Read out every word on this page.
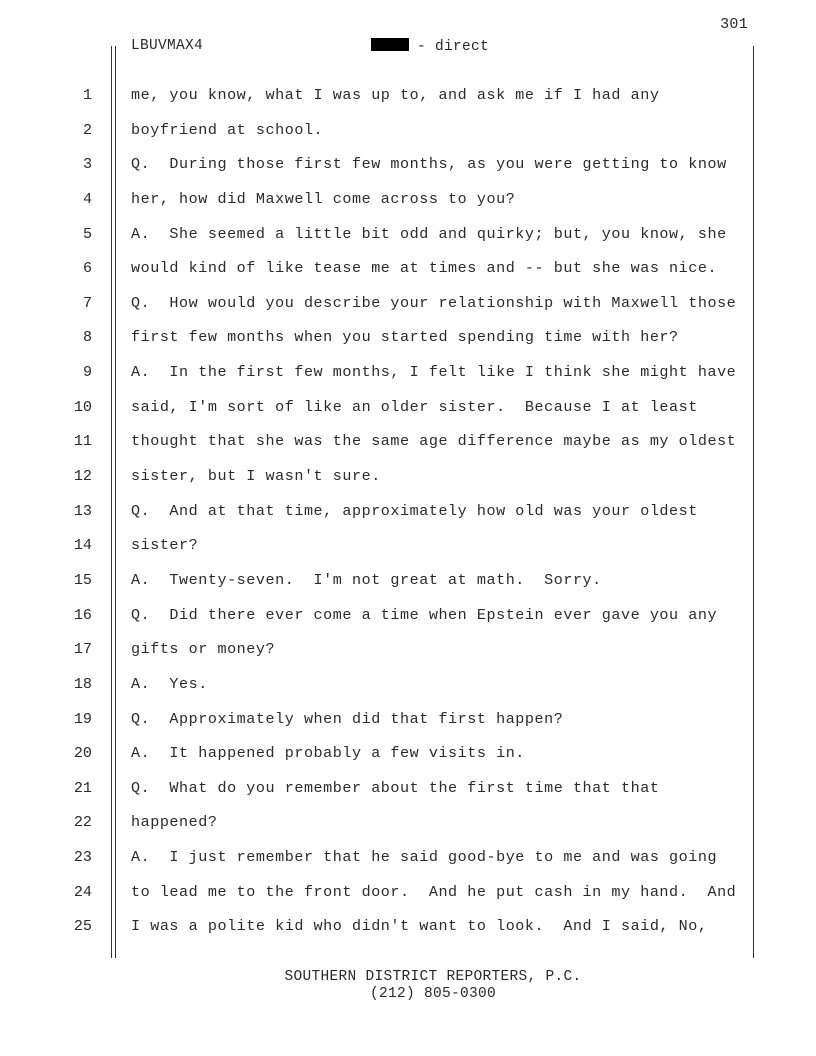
301
LBUVMAX4	- direct
1	me, you know, what I was up to, and ask me if I had any
2	boyfriend at school.
3	Q.  During those first few months, as you were getting to know
4	her, how did Maxwell come across to you?
5	A.  She seemed a little bit odd and quirky; but, you know, she
6	would kind of like tease me at times and -- but she was nice.
7	Q.  How would you describe your relationship with Maxwell those
8	first few months when you started spending time with her?
9	A.  In the first few months, I felt like I think she might have
10	said, I'm sort of like an older sister.  Because I at least
11	thought that she was the same age difference maybe as my oldest
12	sister, but I wasn't sure.
13	Q.  And at that time, approximately how old was your oldest
14	sister?
15	A.  Twenty-seven.  I'm not great at math.  Sorry.
16	Q.  Did there ever come a time when Epstein ever gave you any
17	gifts or money?
18	A.  Yes.
19	Q.  Approximately when did that first happen?
20	A.  It happened probably a few visits in.
21	Q.  What do you remember about the first time that that
22	happened?
23	A.  I just remember that he said good-bye to me and was going
24	to lead me to the front door.  And he put cash in my hand.  And
25	I was a polite kid who didn't want to look.  And I said, No,
SOUTHERN DISTRICT REPORTERS, P.C.
(212) 805-0300
